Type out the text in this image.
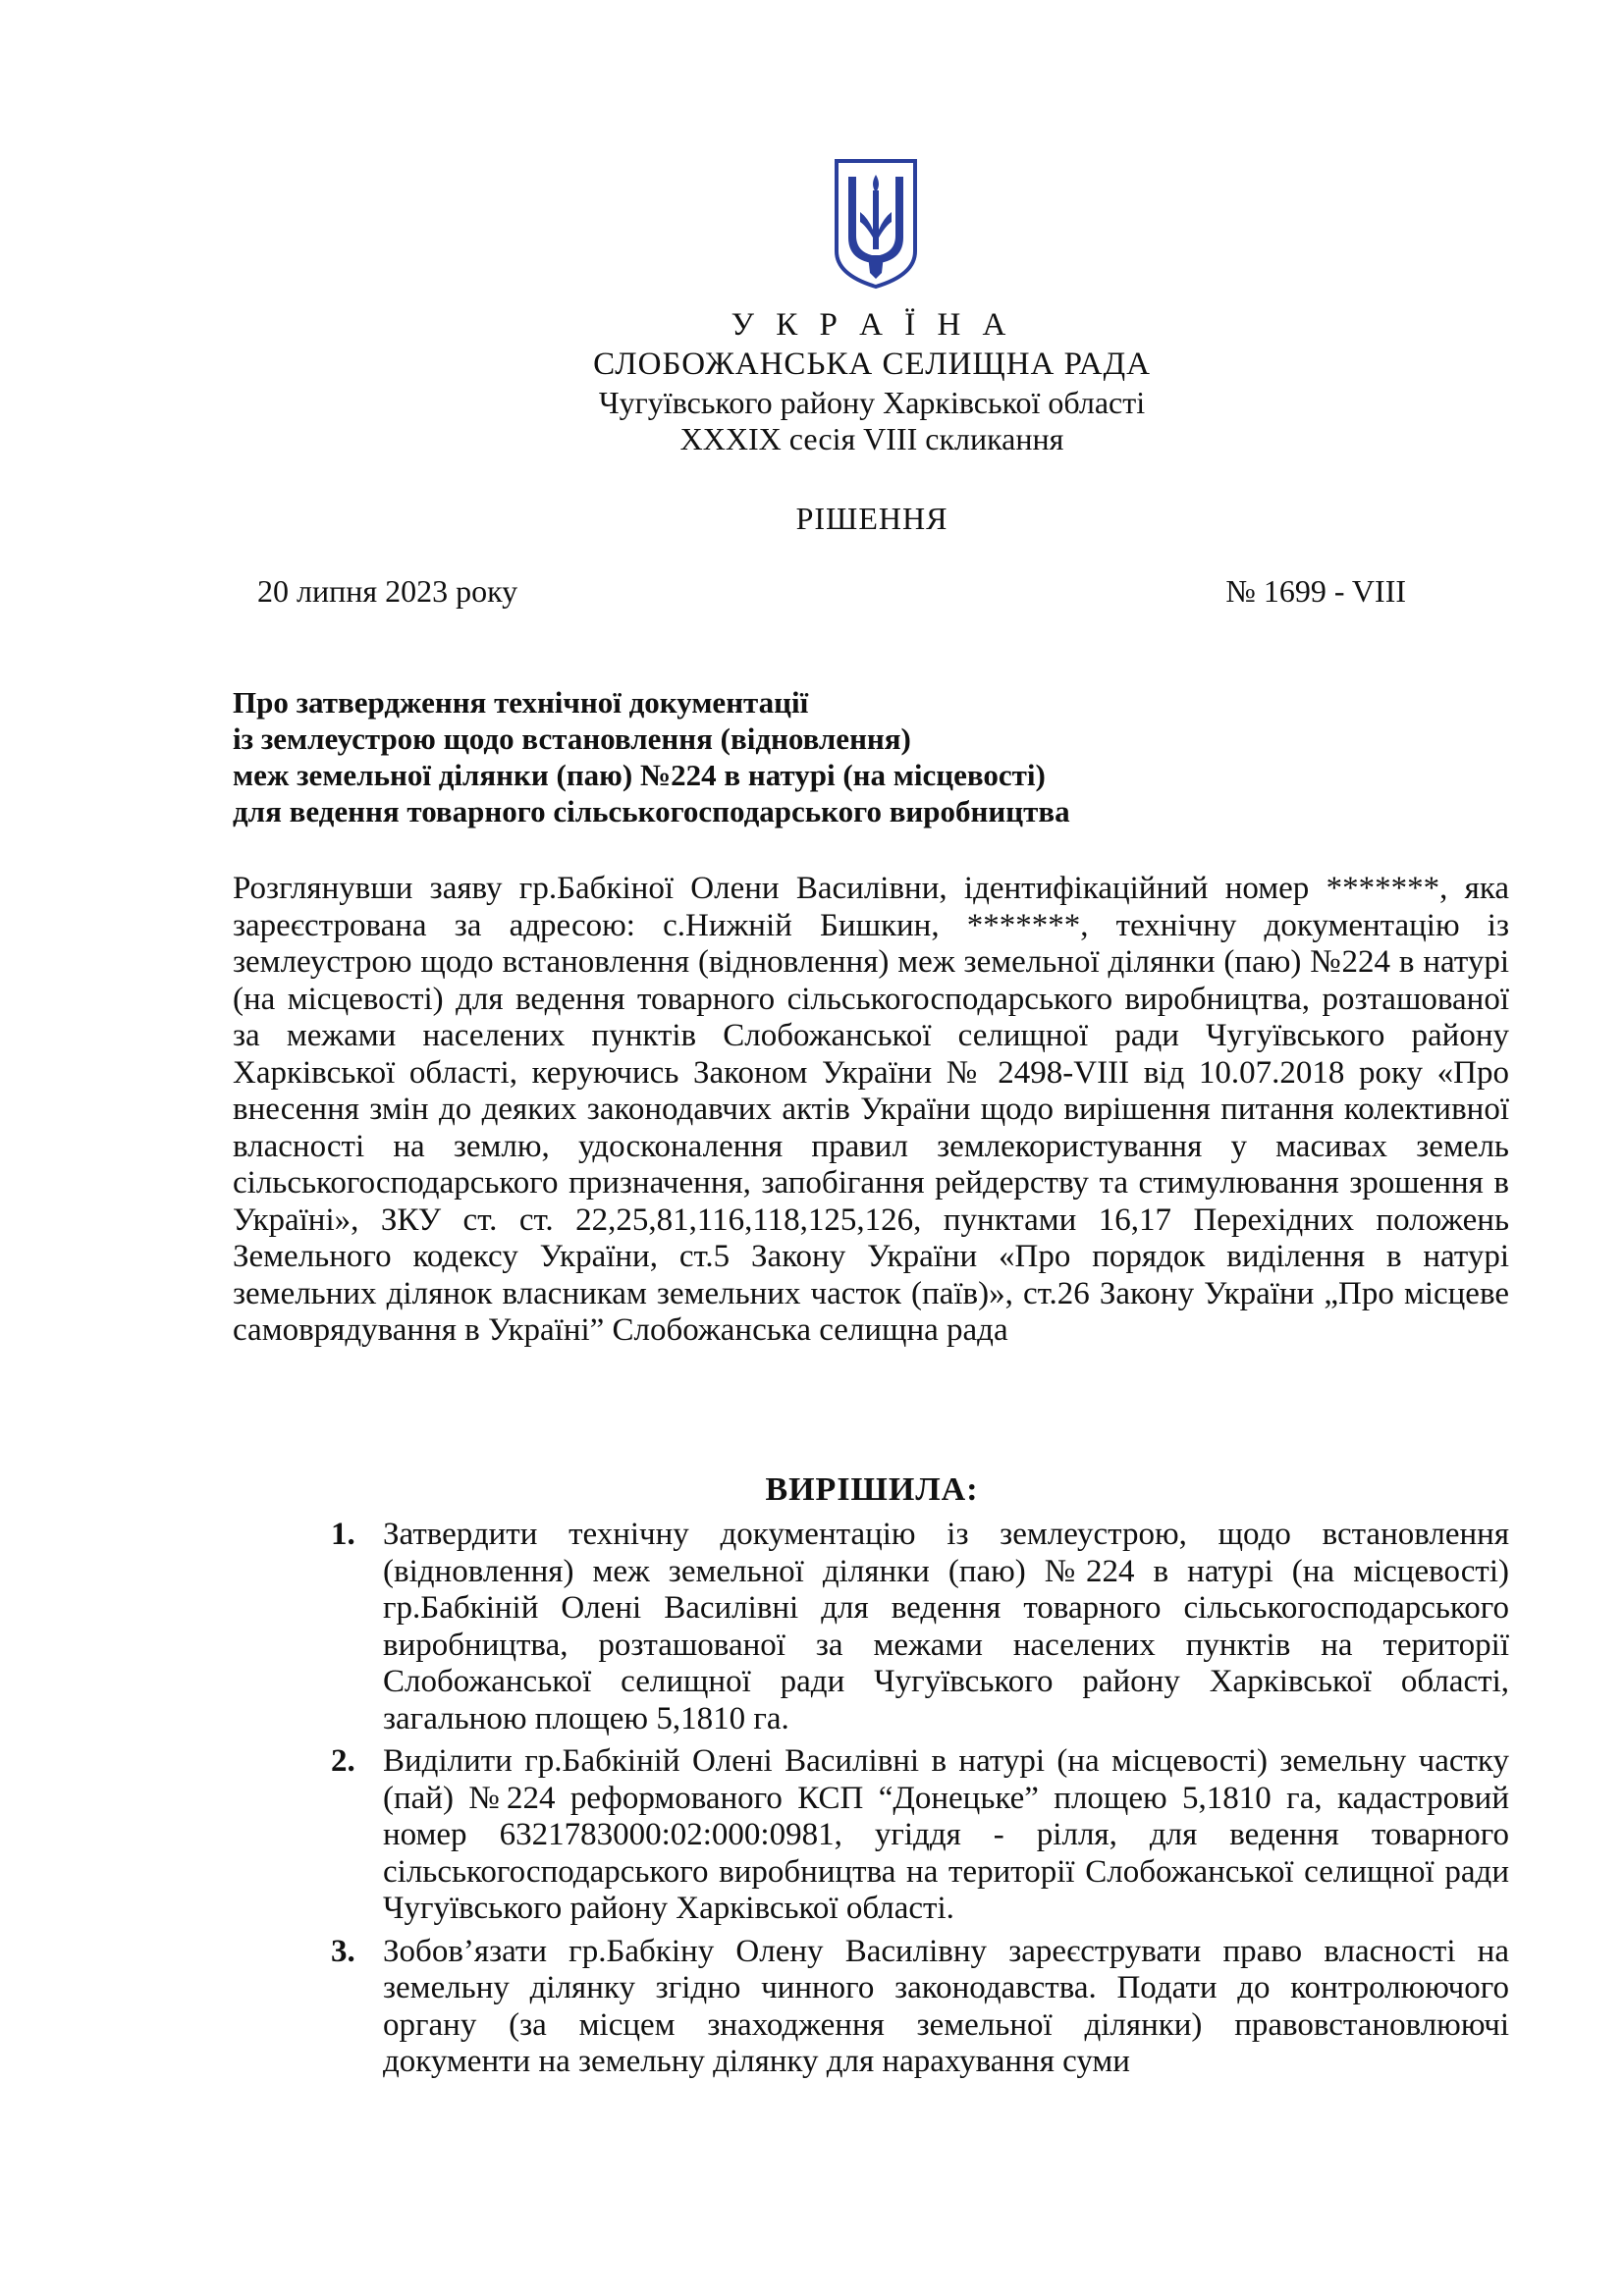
У К Р А Ї Н А
СЛОБОЖАНСЬКА СЕЛИЩНА РАДА
Чугуївського району Харківської області
XXXIX сесія VIII скликання
РІШЕННЯ
20 липня 2023 року	№ 1699 - VIII
Про затвердження технічної документації
із землеустрою щодо встановлення (відновлення)
меж земельної ділянки (паю) №224 в натурі (на місцевості)
для ведення товарного сільськогосподарського виробництва
Розглянувши заяву гр.Бабкіної Олени Василівни, ідентифікаційний номер *******, яка зареєстрована за адресою: с.Нижній Бишкин, *******, технічну документацію із землеустрою щодо встановлення (відновлення) меж земельної ділянки (паю) №224 в натурі (на місцевості) для ведення товарного сільськогосподарського виробництва, розташованої за межами населених пунктів Слобожанської селищної ради Чугуївського району Харківської області, керуючись Законом України № 2498-VIII від 10.07.2018 року «Про внесення змін до деяких законодавчих актів України щодо вирішення питання колективної власності на землю, удосконалення правил землекористування у масивах земель сільськогосподарського призначення, запобігання рейдерству та стимулювання зрошення в Україні», ЗКУ ст. ст. 22,25,81,116,118,125,126, пунктами 16,17 Перехідних положень Земельного кодексу України, ст.5 Закону України «Про порядок виділення в натурі земельних ділянок власникам земельних часток (паїв)», ст.26 Закону України „Про місцеве самоврядування в Україні” Слобожанська селищна рада
ВИРІШИЛА:
1. Затвердити технічну документацію із землеустрою, щодо встановлення (відновлення) меж земельної ділянки (паю) №224 в натурі (на місцевості) гр.Бабкіній Олені Василівні для ведення товарного сільськогосподарського виробництва, розташованої за межами населених пунктів на території Слобожанської селищної ради Чугуївського району Харківської області, загальною площею 5,1810 га.
2. Виділити гр.Бабкіній Олені Василівні в натурі (на місцевості) земельну частку (пай) №224 реформованого КСП “Донецьке” площею 5,1810 га, кадастровий номер 6321783000:02:000:0981, угіддя - рілля, для ведення товарного сільськогосподарського виробництва на території Слобожанської селищної ради Чугуївського району Харківської області.
3. Зобов’язати гр.Бабкіну Олену Василівну зареєструвати право власності на земельну ділянку згідно чинного законодавства. Подати до контролюючого органу (за місцем знаходження земельної ділянки) правовстановлюючі документи на земельну ділянку для нарахування суми
